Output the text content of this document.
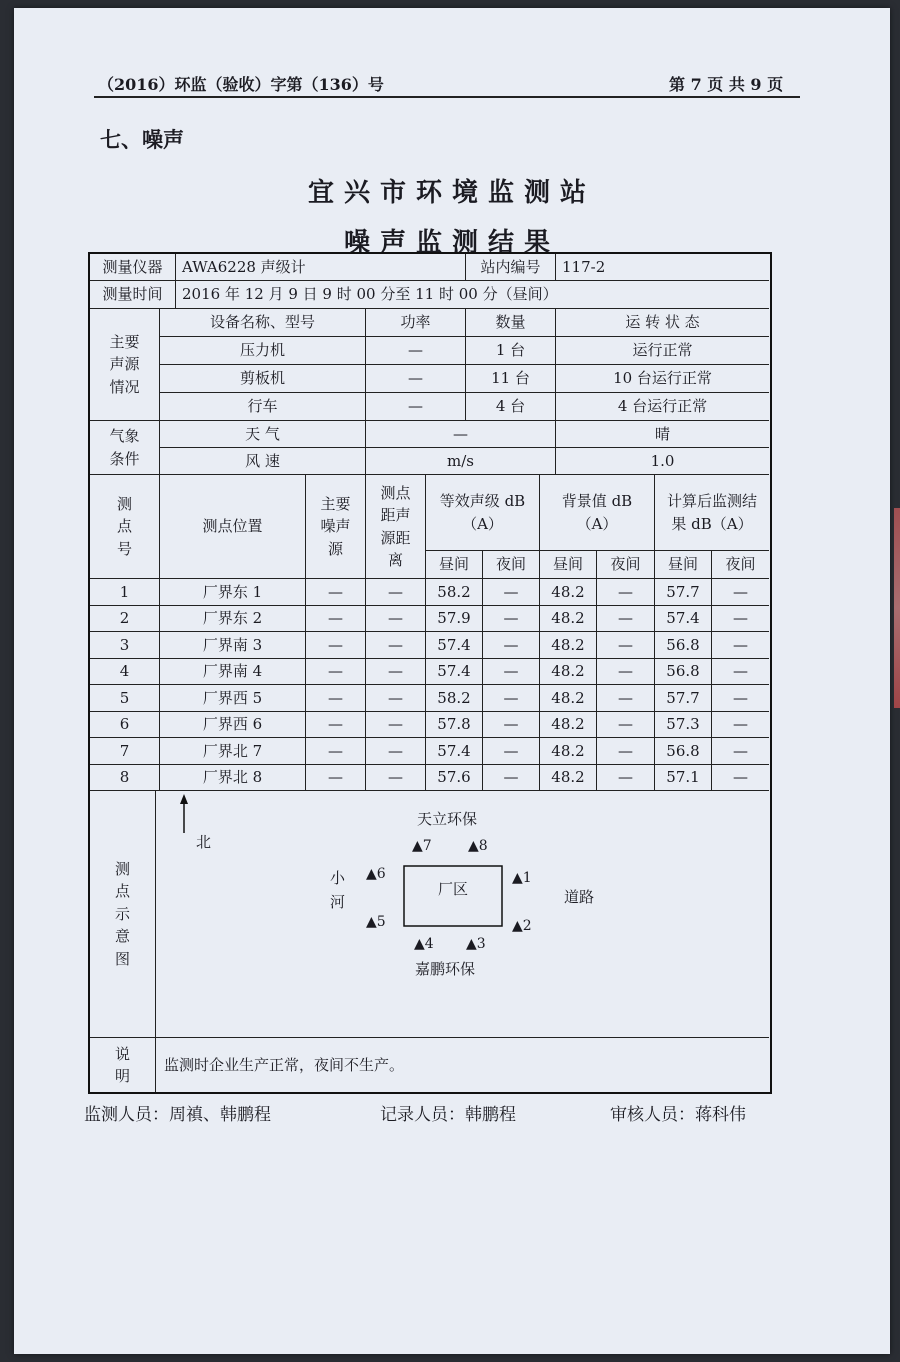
（2016）环监（验收）字第（136）号	第 7 页 共 9 页
七、噪声
宜兴市环境监测站
噪声监测结果
监测人员：周禛、韩鹏程	记录人员：韩鹏程	审核人员：蒋科伟
测量仪器	AWA6228 声级计	站内编号	117-2
测量时间	2016 年 12 月 9 日 9 时 00 分至 11 时 00 分（昼间）
主要声源情况
设备名称、型号	功率	数量	运 转 状 态
压力机	—	1 台	运行正常
剪板机	—	11 台	10 台运行正常
行车	—	4 台	4 台运行正常
气象条件
天 气	—	晴
风 速	m/s	1.0
测点号
测点位置
主要噪声源
测点距声源距离
等效声级 dB（A）
背景值 dB（A）
计算后监测结果 dB（A）
昼间	夜间	昼间	夜间	昼间	夜间
1	厂界东 1	—	—	58.2	—	48.2	—	57.7	—
2	厂界东 2	—	—	57.9	—	48.2	—	57.4	—
3	厂界南 3	—	—	57.4	—	48.2	—	56.8	—
4	厂界南 4	—	—	57.4	—	48.2	—	56.8	—
5	厂界西 5	—	—	58.2	—	48.2	—	57.7	—
6	厂界西 6	—	—	57.8	—	48.2	—	57.3	—
7	厂界北 7	—	—	57.4	—	48.2	—	56.8	—
8	厂界北 8	—	—	57.6	—	48.2	—	57.1	—
测点示意图
北
天立环保
嘉鹏环保
小河	道路
厂区
▲7	▲8
▲6
▲5
▲1
▲2
▲4 ▲3
说明
监测时企业生产正常，夜间不生产。
